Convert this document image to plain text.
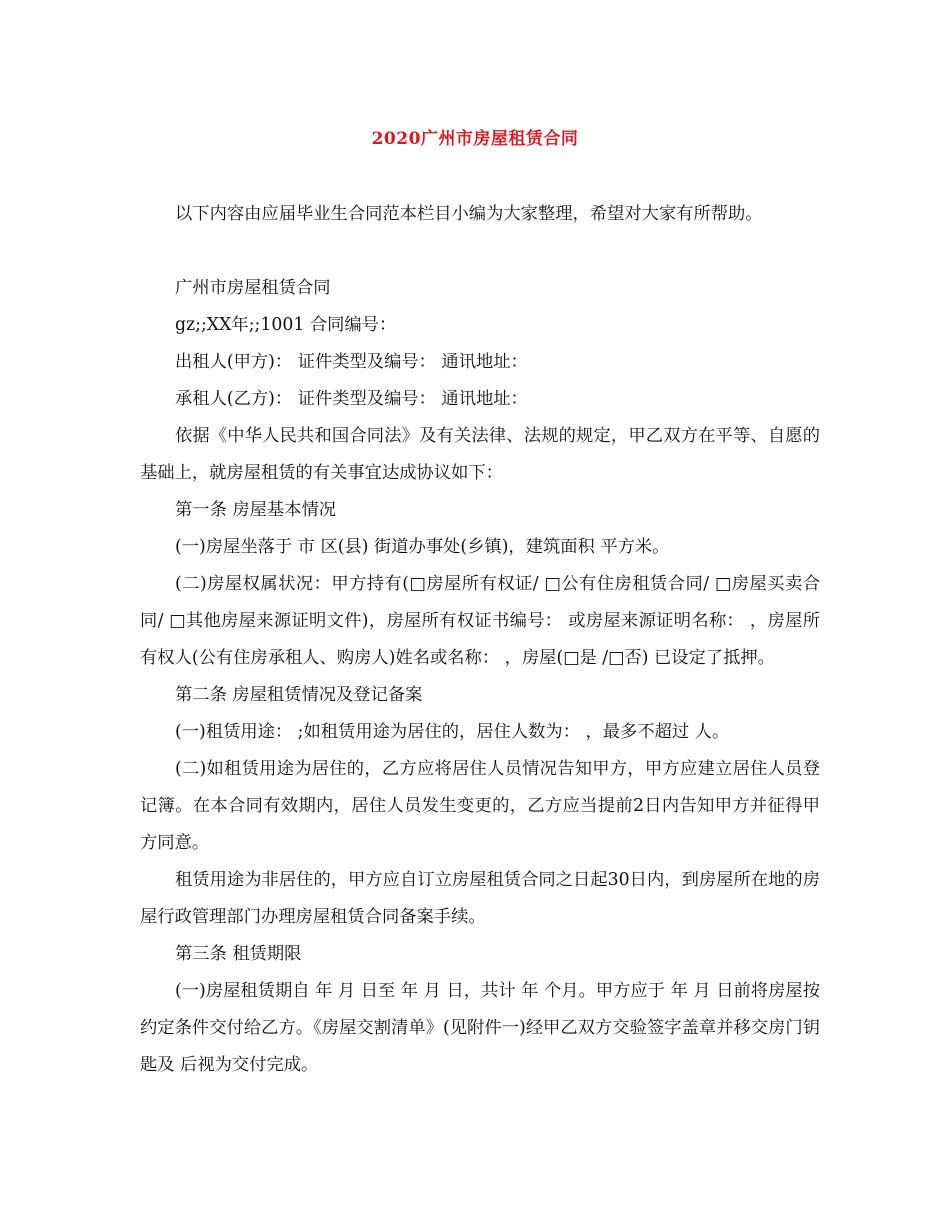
2020广州市房屋租赁合同

以下内容由应届毕业生合同范本栏目小编为大家整理，希望对大家有所帮助。

广州市房屋租赁合同

gz;;XX年;;1001 合同编号：

出租人(甲方)： 证件类型及编号： 通讯地址：

承租人(乙方)： 证件类型及编号： 通讯地址：

依据《中华人民共和国合同法》及有关法律、法规的规定，甲乙双方在平等、自愿的基础上，就房屋租赁的有关事宜达成协议如下：

第一条 房屋基本情况

(一)房屋坐落于 市 区(县) 街道办事处(乡镇)，建筑面积 平方米。

(二)房屋权属状况：甲方持有(□房屋所有权证/ □公有住房租赁合同/ □房屋买卖合同/ □其他房屋来源证明文件)，房屋所有权证书编号： 或房屋来源证明名称： ，房屋所有权人(公有住房承租人、购房人)姓名或名称： ，房屋(□是 /□否) 已设定了抵押。

第二条 房屋租赁情况及登记备案

(一)租赁用途： ;如租赁用途为居住的，居住人数为： ，最多不超过 人。

(二)如租赁用途为居住的，乙方应将居住人员情况告知甲方，甲方应建立居住人员登记簿。在本合同有效期内，居住人员发生变更的，乙方应当提前2日内告知甲方并征得甲方同意。

租赁用途为非居住的，甲方应自订立房屋租赁合同之日起30日内，到房屋所在地的房屋行政管理部门办理房屋租赁合同备案手续。

第三条 租赁期限

(一)房屋租赁期自 年 月 日至 年 月 日，共计 年 个月。甲方应于 年 月 日前将房屋按约定条件交付给乙方。《房屋交割清单》(见附件一)经甲乙双方交验签字盖章并移交房门钥匙及 后视为交付完成。
